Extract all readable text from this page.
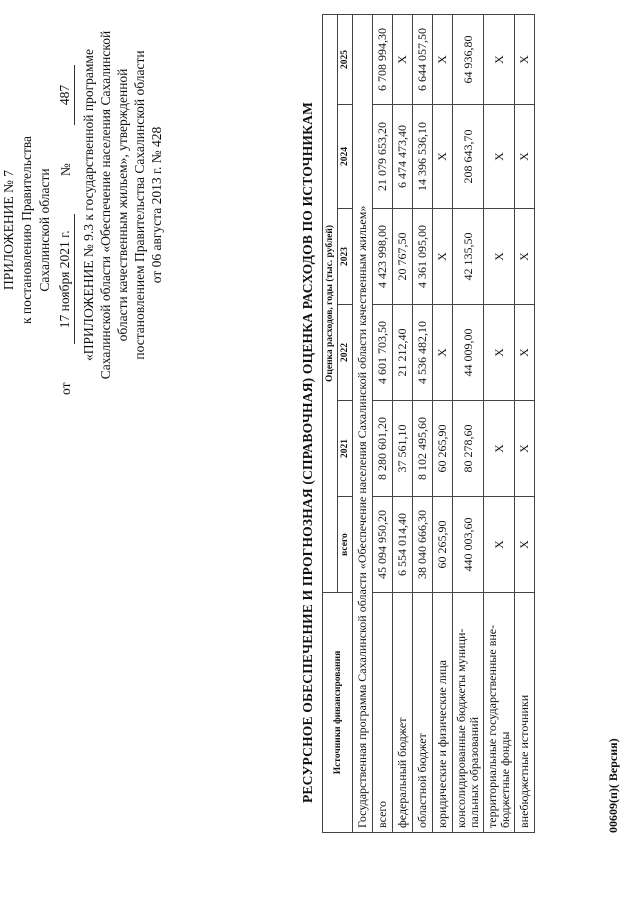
ПРИЛОЖЕНИЕ № 7 к постановлению Правительства Сахалинской области
от
17 ноября 2021 г.
№
487
«ПРИЛОЖЕНИЕ № 9.3 к государственной программе Сахалинской области «Обеспечение населения Сахалинской области качественным жильем», утвержденной постановлением Правительства Сахалинской области
от 06 августа 2013 г. № 428	РЕСУРСНОЕ ОБЕСПЕЧЕНИЕ И ПРОГНОЗНАЯ (СПРАВОЧНАЯ) ОЦЕНКА РАСХОДОВ ПО ИСТОЧНИКАМ Источники финансирования	Оценка расходов, годы (тыс. рублей)					
	всего	2021	2022	2023	2024	2025
Государственная программа Сахалинской области «Обеспечение населения Сахалинской области качественным жильем»						
всего	45 094 950,20	8 280 601,20	4 601 703,50	4 423 998,00	21 079 653,20	6 708 994,30
федеральный бюджет	6 554 014,40	37 561,10	21 212,40	20 767,50	6 474 473,40	Х
областной бюджет	38 040 666,30	8 102 495,60	4 536 482,10	4 361 095,00	14 396 536,10	6 644 057,50
юридические и физические лица	60 265,90	60 265,90	Х	Х	Х	Х
консолидированные бюджеты муници-пальных образований	440 003,60	80 278,60	44 009,00	42 135,50	208 643,70	64 936,80
территориальные государственные вне-бюджетные фонды	Х	Х	Х	Х	Х	Х
внебюджетные источники	Х	Х	Х	Х	Х	Х
00609(п)( Версия)
